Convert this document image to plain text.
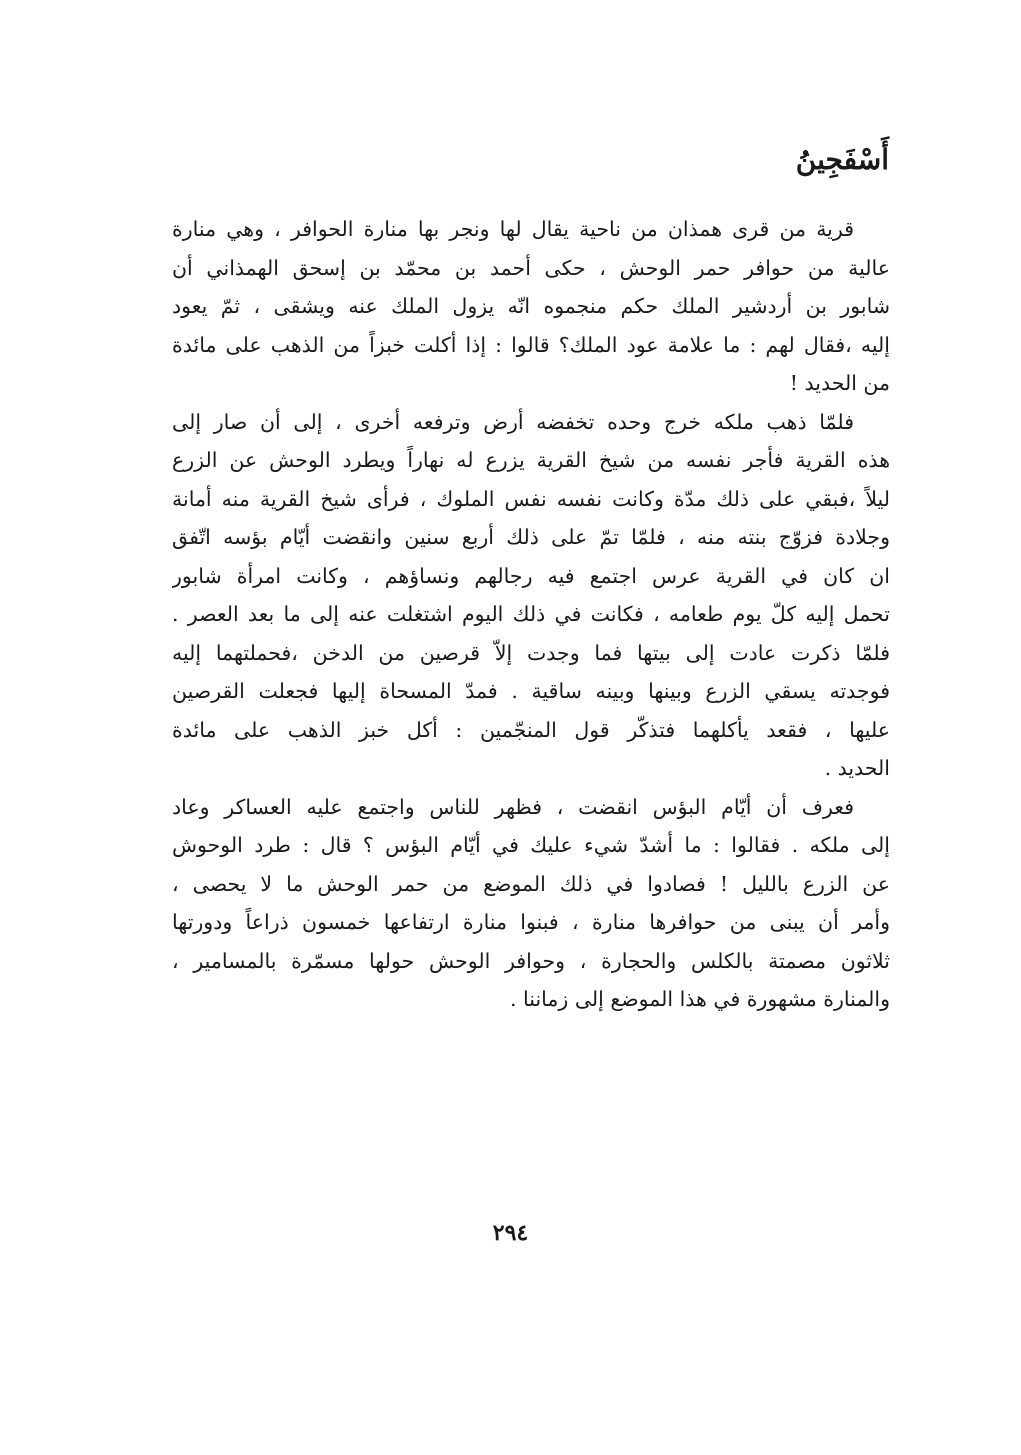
أَسْفَجِينُ
قرية من قرى همذان من ناحية يقال لها ونجر بها منارة الحوافر ، وهي منارة
عالية من حوافر حمر الوحش ، حكى أحمد بن محمّد بن إسحق الهمذاني أن
شابور بن أردشير الملك حكم منجموه انّه يزول الملك عنه ويشقى ، ثمّ يعود
إليه ،فقال لهم : ما علامة عود الملك؟ قالوا : إذا أكلت خبزاً من الذهب على مائدة
من الحديد !
فلمّا ذهب ملكه خرج وحده تخفضه أرض وترفعه أخرى ، إلى أن صار إلى
هذه القرية فأجر نفسه من شيخ القرية يزرع له نهاراً ويطرد الوحش عن الزرع
ليلاً ،فبقي على ذلك مدّة وكانت نفسه نفس الملوك ، فرأى شيخ القرية منه أمانة
وجلادة فزوّج بنته منه ، فلمّا تمّ على ذلك أربع سنين وانقضت أيّام بؤسه اتّفق
ان كان في القرية عرس اجتمع فيه رجالهم ونساؤهم ، وكانت امرأة شابور
تحمل إليه كلّ يوم طعامه ، فكانت في ذلك اليوم اشتغلت عنه إلى ما بعد العصر .
فلمّا ذكرت عادت إلى بيتها فما وجدت إلاّ قرصين من الدخن ،فحملتهما إليه
فوجدته يسقي الزرع وبينها وبينه ساقية . فمدّ المسحاة إليها فجعلت القرصين
عليها ، فقعد يأكلهما فتذكّر قول المنجّمين : أكل خبز الذهب على مائدة
الحديد .
فعرف أن أيّام البؤس انقضت ، فظهر للناس واجتمع عليه العساكر وعاد
إلى ملكه . فقالوا : ما أشدّ شيء عليك في أيّام البؤس ؟ قال : طرد الوحوش
عن الزرع بالليل ! فصادوا في ذلك الموضع من حمر الوحش ما لا يحصى ،
وأمر أن يبنى من حوافرها منارة ، فبنوا منارة ارتفاعها خمسون ذراعاً ودورتها
ثلاثون مصمتة بالكلس والحجارة ، وحوافر الوحش حولها مسمّرة بالمسامير ،
والمنارة مشهورة في هذا الموضع إلى زماننا .
٢٩٤
